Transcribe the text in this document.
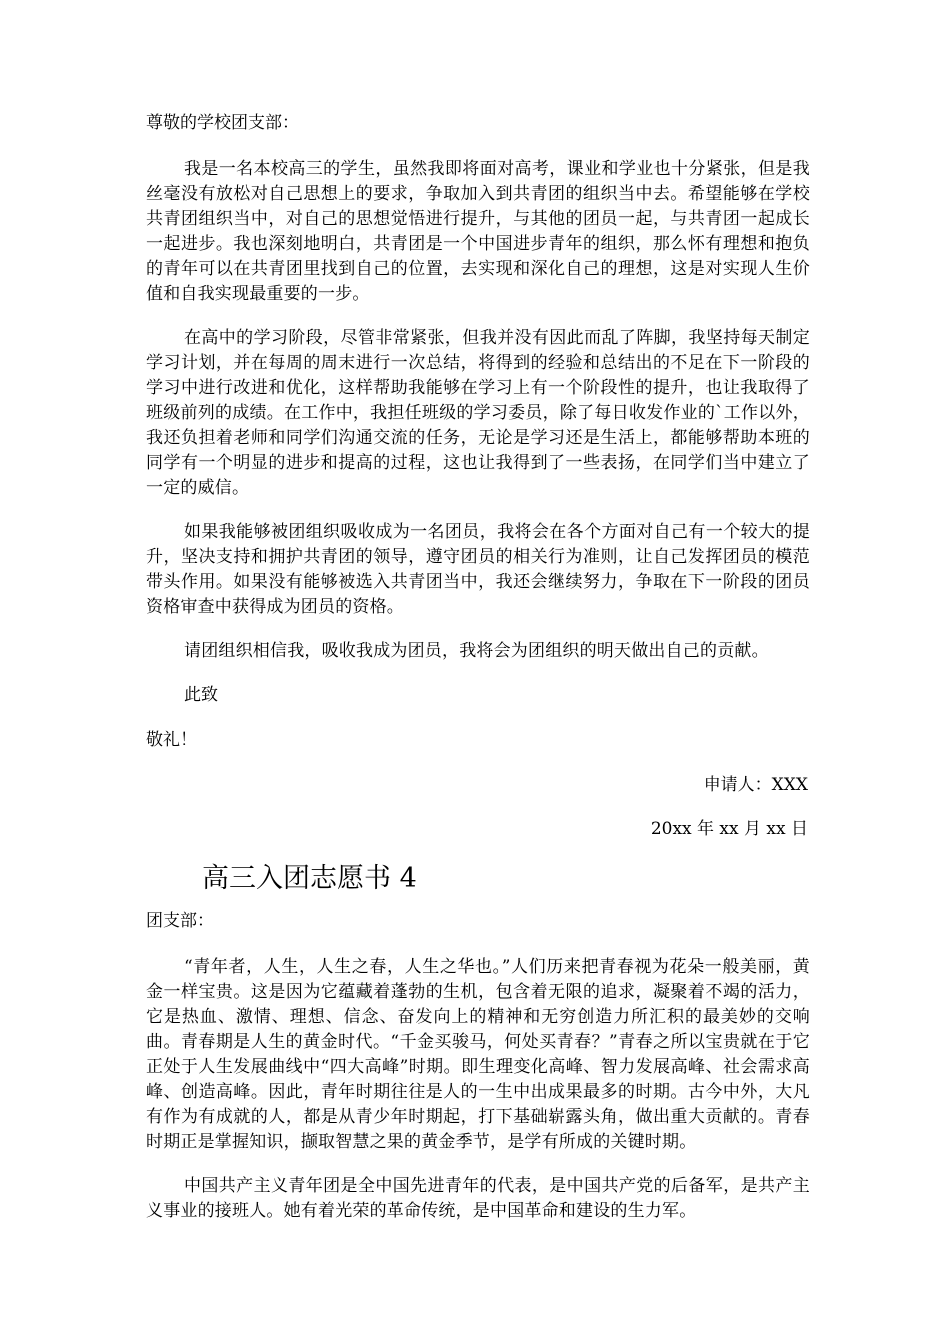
尊敬的学校团支部：

我是一名本校高三的学生，虽然我即将面对高考，课业和学业也十分紧张，但是我丝毫没有放松对自己思想上的要求，争取加入到共青团的组织当中去。希望能够在学校共青团组织当中，对自己的思想觉悟进行提升，与其他的团员一起，与共青团一起成长一起进步。我也深刻地明白，共青团是一个中国进步青年的组织，那么怀有理想和抱负的青年可以在共青团里找到自己的位置，去实现和深化自己的理想，这是对实现人生价值和自我实现最重要的一步。

在高中的学习阶段，尽管非常紧张，但我并没有因此而乱了阵脚，我坚持每天制定学习计划，并在每周的周末进行一次总结，将得到的经验和总结出的不足在下一阶段的学习中进行改进和优化，这样帮助我能够在学习上有一个阶段性的提升，也让我取得了班级前列的成绩。在工作中，我担任班级的学习委员，除了每日收发作业的`工作以外，我还负担着老师和同学们沟通交流的任务，无论是学习还是生活上，都能够帮助本班的同学有一个明显的进步和提高的过程，这也让我得到了一些表扬，在同学们当中建立了一定的威信。

如果我能够被团组织吸收成为一名团员，我将会在各个方面对自己有一个较大的提升，坚决支持和拥护共青团的领导，遵守团员的相关行为准则，让自己发挥团员的模范带头作用。如果没有能够被选入共青团当中，我还会继续努力，争取在下一阶段的团员资格审查中获得成为团员的资格。

请团组织相信我，吸收我成为团员，我将会为团组织的明天做出自己的贡献。

此致

敬礼！

申请人：XXX

20xx 年 xx 月 xx 日

高三入团志愿书 4

团支部：

“青年者，人生，人生之春，人生之华也。”人们历来把青春视为花朵一般美丽，黄金一样宝贵。这是因为它蕴藏着蓬勃的生机，包含着无限的追求，凝聚着不竭的活力，它是热血、激情、理想、信念、奋发向上的精神和无穷创造力所汇积的最美妙的交响曲。青春期是人生的黄金时代。“千金买骏马，何处买青春？”青春之所以宝贵就在于它正处于人生发展曲线中“四大高峰”时期。即生理变化高峰、智力发展高峰、社会需求高峰、创造高峰。因此，青年时期往往是人的一生中出成果最多的时期。古今中外，大凡有作为有成就的人，都是从青少年时期起，打下基础崭露头角，做出重大贡献的。青春时期正是掌握知识，撷取智慧之果的黄金季节，是学有所成的关键时期。

中国共产主义青年团是全中国先进青年的代表，是中国共产党的后备军，是共产主义事业的接班人。她有着光荣的革命传统，是中国革命和建设的生力军。
